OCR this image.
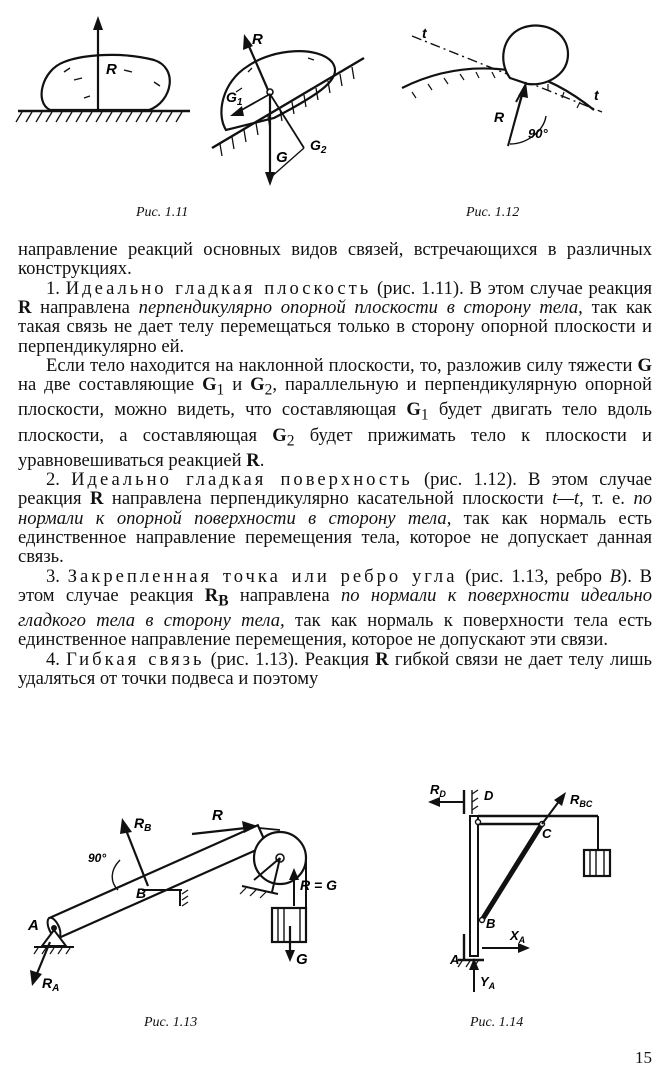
R
Рис. 1.11
R
G
$G_1$
$G_2$
t
t
R
90°
Рис. 1.12

направление реакций основных видов связей, встречающихся в различных конструкциях.

1. Идеально гладкая плоскость (рис. 1.11). В этом случае реакция R направлена перпендикулярно опорной плоскости в сторону тела, так как такая связь не дает телу перемещаться только в сторону опорной плоскости и перпендикулярно ей.

Если тело находится на наклонной плоскости, то, разложив силу тяжести G на две составляющие $G_1$ и $G_2$, параллельную и перпендикулярную опорной плоскости, можно видеть, что составляющая $G_1$ будет двигать тело вдоль плоскости, а составляющая $G_2$ будет прижимать тело к плоскости и уравновешиваться реакцией R.

2. Идеально гладкая поверхность (рис. 1.12). В этом случае реакция R направлена перпендикулярно касательной плоскости t—t, т. е. по нормали к опорной поверхности в сторону тела, так как нормаль есть единственное направление перемещения тела, которое не допускает данная связь.

3. Закрепленная точка или ребро угла (рис. 1.13, ребро B). В этом случае реакция $R_B$ направлена по нормали к поверхности идеально гладкого тела в сторону тела, так как нормаль к поверхности тела есть единственное направление перемещения, которое не допускают эти связи.

4. Гибкая связь (рис. 1.13). Реакция R гибкой связи не дает телу лишь удаляться от точки подвеса и поэтому

A
$R_A$
B
$R_B$
90°
R
R = G
G
Рис. 1.13
D
$R_D$
C
B
$R_{BC}$
A
$X_A$
$Y_A$
Рис. 1.14
15
